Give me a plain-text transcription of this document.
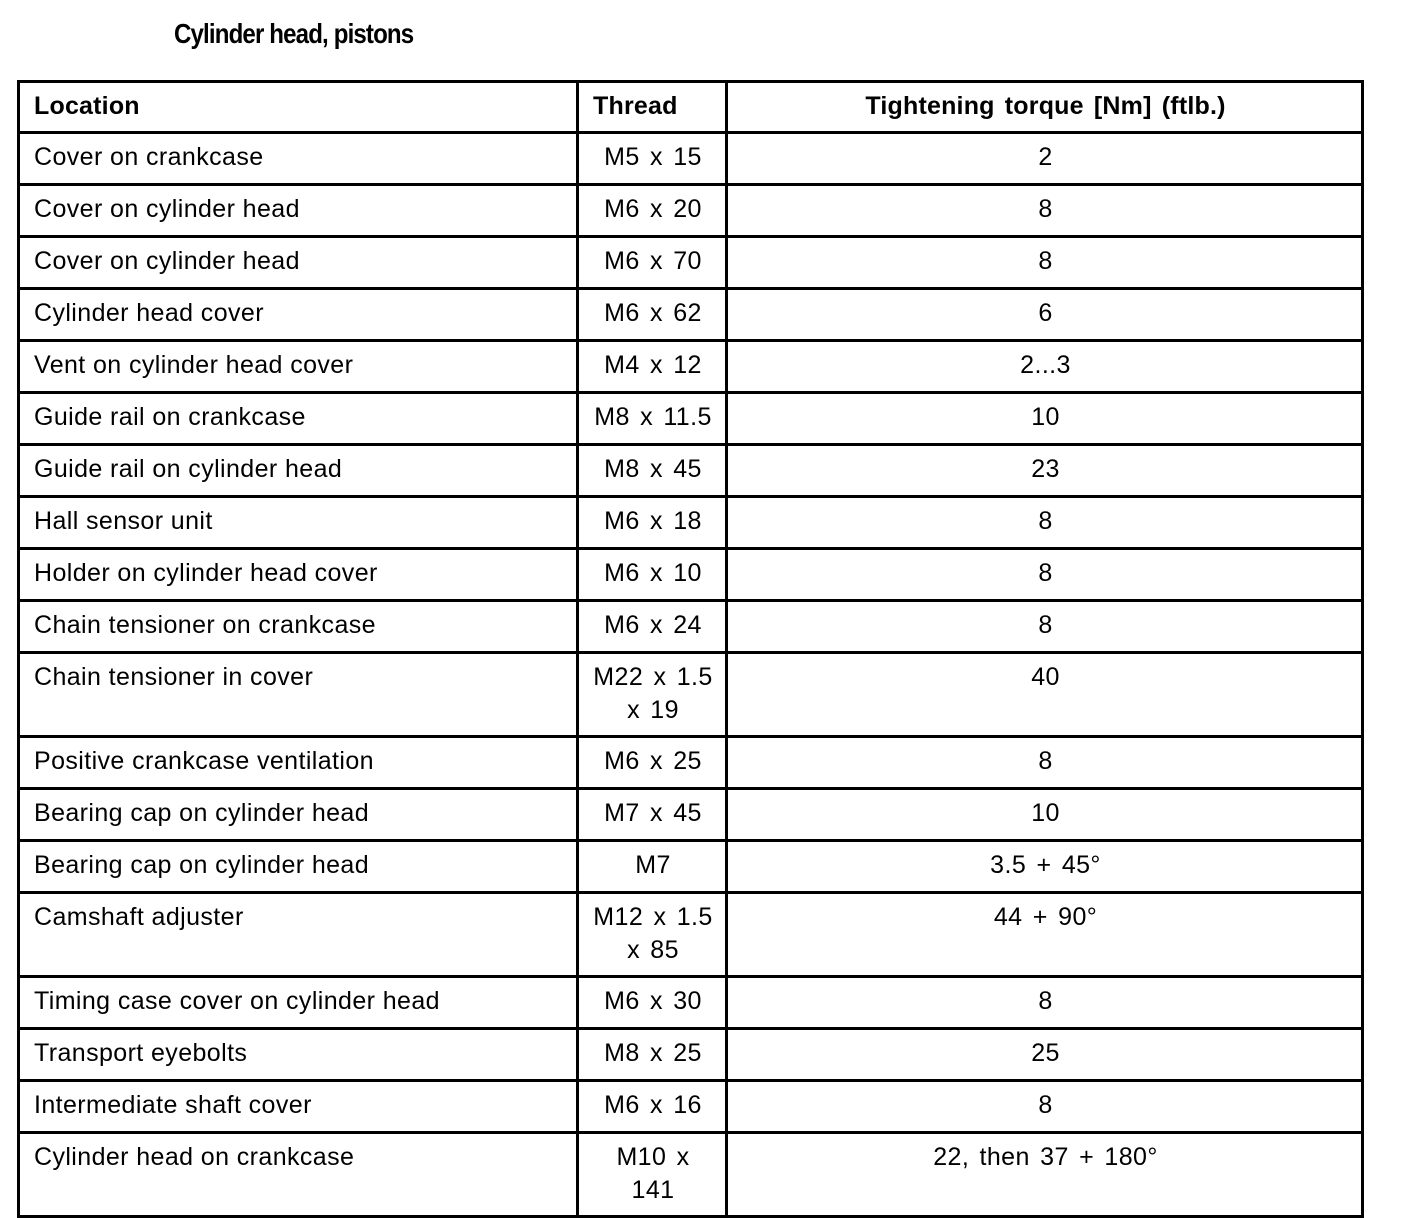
Cylinder head, pistons
Location	Thread	Tightening torque [Nm] (ftlb.)
Cover on crankcase	M5 x 15	2
Cover on cylinder head	M6 x 20	8
Cover on cylinder head	M6 x 70	8
Cylinder head cover	M6 x 62	6
Vent on cylinder head cover	M4 x 12	2...3
Guide rail on crankcase	M8 x 11.5	10
Guide rail on cylinder head	M8 x 45	23
Hall sensor unit	M6 x 18	8
Holder on cylinder head cover	M6 x 10	8
Chain tensioner on crankcase	M6 x 24	8
Chain tensioner in cover	M22 x 1.5 x 19	40
Positive crankcase ventilation	M6 x 25	8
Bearing cap on cylinder head	M7 x 45	10
Bearing cap on cylinder head	M7	3.5 + 45°
Camshaft adjuster	M12 x 1.5 x 85	44 + 90°
Timing case cover on cylinder head	M6 x 30	8
Transport eyebolts	M8 x 25	25
Intermediate shaft cover	M6 x 16	8
Cylinder head on crankcase	M10 x 141	22, then 37 + 180°
